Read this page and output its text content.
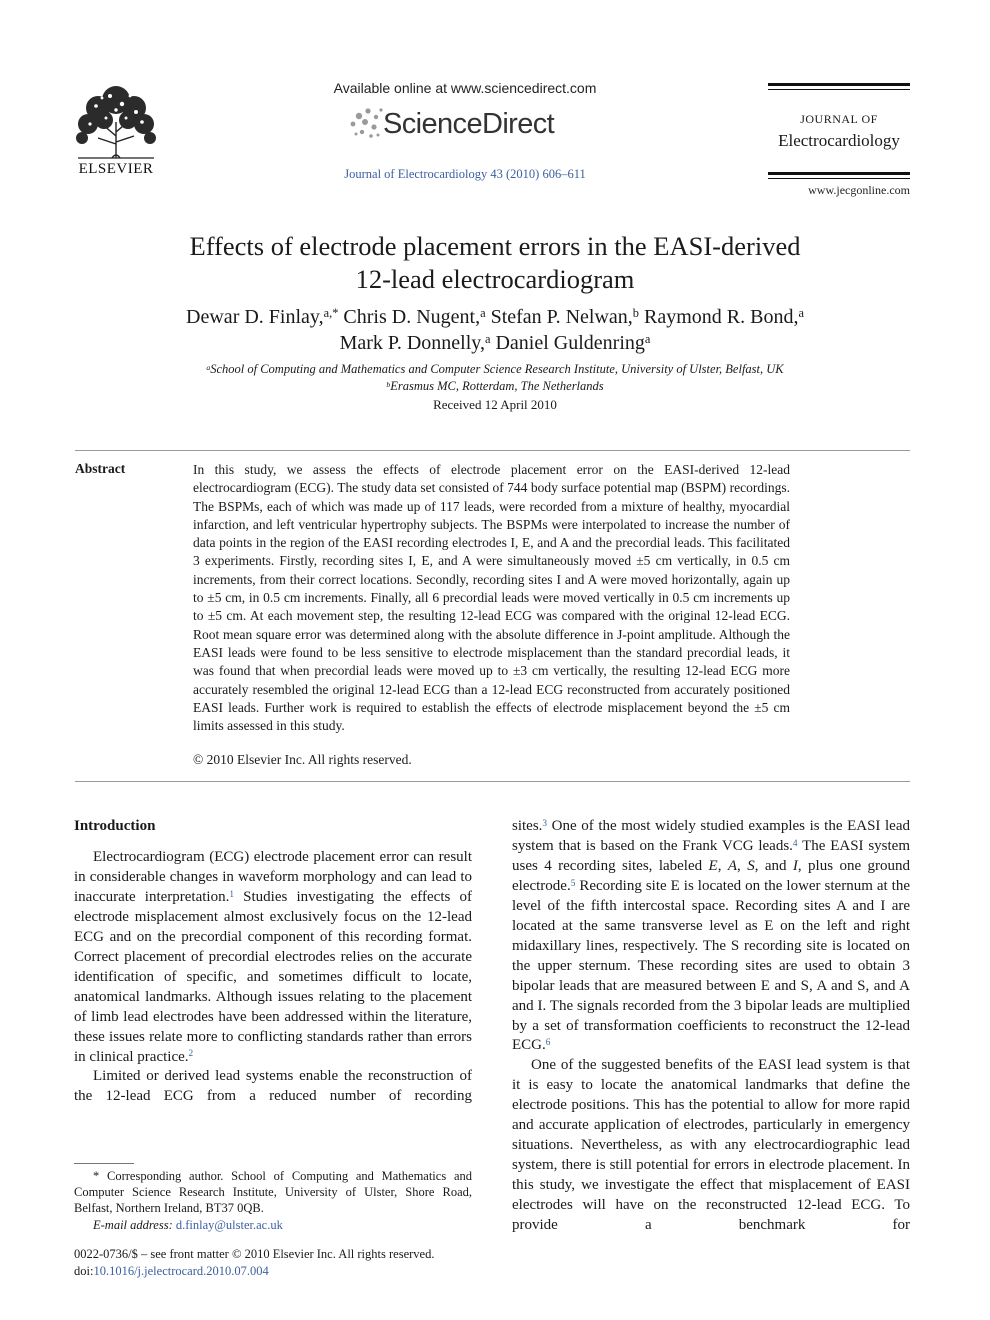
ELSEVIER
Available online at www.sciencedirect.com
ScienceDirect
Journal of Electrocardiology 43 (2010) 606–611
JOURNAL OF
Electrocardiology
www.jecgonline.com
Effects of electrode placement errors in the EASI-derived
12-lead electrocardiogram
Dewar D. Finlay,$^{a,*}$ Chris D. Nugent,$^a$ Stefan P. Nelwan,$^b$ Raymond R. Bond,$^a$
Mark P. Donnelly,$^a$ Daniel Guldenring$^a$
$^a$School of Computing and Mathematics and Computer Science Research Institute, University of Ulster, Belfast, UK
$^b$Erasmus MC, Rotterdam, The Netherlands
Received 12 April 2010
Abstract	In this study, we assess the effects of electrode placement error on the EASI-derived 12-lead electrocardiogram (ECG). The study data set consisted of 744 body surface potential map (BSPM) recordings. The BSPMs, each of which was made up of 117 leads, were recorded from a mixture of healthy, myocardial infarction, and left ventricular hypertrophy subjects. The BSPMs were interpolated to increase the number of data points in the region of the EASI recording electrodes I, E, and A and the precordial leads. This facilitated 3 experiments. Firstly, recording sites I, E, and A were simultaneously moved ±5 cm vertically, in 0.5 cm increments, from their correct locations. Secondly, recording sites I and A were moved horizontally, again up to ±5 cm, in 0.5 cm increments. Finally, all 6 precordial leads were moved vertically in 0.5 cm increments up to ±5 cm. At each movement step, the resulting 12-lead ECG was compared with the original 12-lead ECG. Root mean square error was determined along with the absolute difference in J-point amplitude. Although the EASI leads were found to be less sensitive to electrode misplacement than the standard precordial leads, it was found that when precordial leads were moved up to ±3 cm vertically, the resulting 12-lead ECG more accurately resembled the original 12-lead ECG than a 12-lead ECG reconstructed from accurately positioned EASI leads. Further work is required to establish the effects of electrode misplacement beyond the ±5 cm limits assessed in this study.
© 2010 Elsevier Inc. All rights reserved.
Introduction

Electrocardiogram (ECG) electrode placement error can result in considerable changes in waveform morphology and can lead to inaccurate interpretation.$^1$ Studies investigating the effects of electrode misplacement almost exclusively focus on the 12-lead ECG and on the precordial component of this recording format. Correct placement of precordial electrodes relies on the accurate identification of specific, and sometimes difficult to locate, anatomical landmarks. Although issues relating to the placement of limb lead electrodes have been addressed within the literature, these issues relate more to conflicting standards rather than errors in clinical practice.$^2$

Limited or derived lead systems enable the reconstruction of the 12-lead ECG from a reduced number of recording

sites.$^3$ One of the most widely studied examples is the EASI lead system that is based on the Frank VCG leads.$^4$ The EASI system uses 4 recording sites, labeled E, A, S, and I, plus one ground electrode.$^5$ Recording site E is located on the lower sternum at the level of the fifth intercostal space. Recording sites A and I are located at the same transverse level as E on the left and right midaxillary lines, respectively. The S recording site is located on the upper sternum. These recording sites are used to obtain 3 bipolar leads that are measured between E and S, A and S, and A and I. The signals recorded from the 3 bipolar leads are multiplied by a set of transformation coefficients to reconstruct the 12-lead ECG.$^6$

One of the suggested benefits of the EASI lead system is that it is easy to locate the anatomical landmarks that define the electrode positions. This has the potential to allow for more rapid and accurate application of electrodes, particularly in emergency situations. Nevertheless, as with any electrocardiographic lead system, there is still potential for errors in electrode placement. In this study, we investigate the effect that misplacement of EASI electrodes will have on the reconstructed 12-lead ECG. To provide a benchmark for

* Corresponding author. School of Computing and Mathematics and Computer Science Research Institute, University of Ulster, Shore Road, Belfast, Northern Ireland, BT37 0QB.
E-mail address: d.finlay@ulster.ac.uk
0022-0736/$ – see front matter © 2010 Elsevier Inc. All rights reserved.
doi:10.1016/j.jelectrocard.2010.07.004
